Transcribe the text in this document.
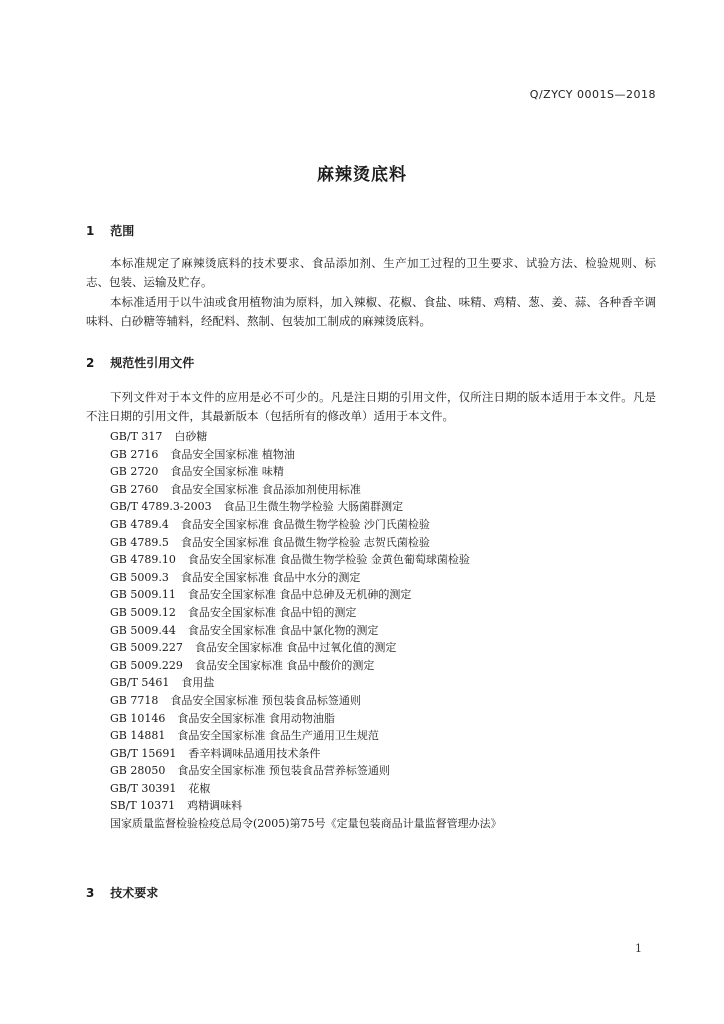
Q/ZYCY 0001S—2018
麻辣烫底料
1 范围

本标准规定了麻辣烫底料的技术要求、食品添加剂、生产加工过程的卫生要求、试验方法、检验规则、标志、包装、运输及贮存。

本标准适用于以牛油或食用植物油为原料，加入辣椒、花椒、食盐、味精、鸡精、葱、姜、蒜、各种香辛调味料、白砂糖等辅料，经配料、熬制、包装加工制成的麻辣烫底料。

2 规范性引用文件

下列文件对于本文件的应用是必不可少的。凡是注日期的引用文件，仅所注日期的版本适用于本文件。凡是不注日期的引用文件，其最新版本（包括所有的修改单）适用于本文件。

GB/T 317 白砂糖
GB 2716 食品安全国家标准 植物油
GB 2720 食品安全国家标准 味精
GB 2760 食品安全国家标准 食品添加剂使用标准
GB/T 4789.3-2003 食品卫生微生物学检验 大肠菌群测定
GB 4789.4 食品安全国家标准 食品微生物学检验 沙门氏菌检验
GB 4789.5 食品安全国家标准 食品微生物学检验 志贺氏菌检验
GB 4789.10 食品安全国家标准 食品微生物学检验 金黄色葡萄球菌检验
GB 5009.3 食品安全国家标准 食品中水分的测定
GB 5009.11 食品安全国家标准 食品中总砷及无机砷的测定
GB 5009.12 食品安全国家标准 食品中铅的测定
GB 5009.44 食品安全国家标准 食品中氯化物的测定
GB 5009.227 食品安全国家标准 食品中过氧化值的测定
GB 5009.229 食品安全国家标准 食品中酸价的测定
GB/T 5461 食用盐
GB 7718 食品安全国家标准 预包装食品标签通则
GB 10146 食品安全国家标准 食用动物油脂
GB 14881 食品安全国家标准 食品生产通用卫生规范
GB/T 15691 香辛料调味品通用技术条件
GB 28050 食品安全国家标准 预包装食品营养标签通则
GB/T 30391 花椒
SB/T 10371 鸡精调味料
国家质量监督检验检疫总局令(2005)第75号《定量包装商品计量监督管理办法》
3 技术要求
1
